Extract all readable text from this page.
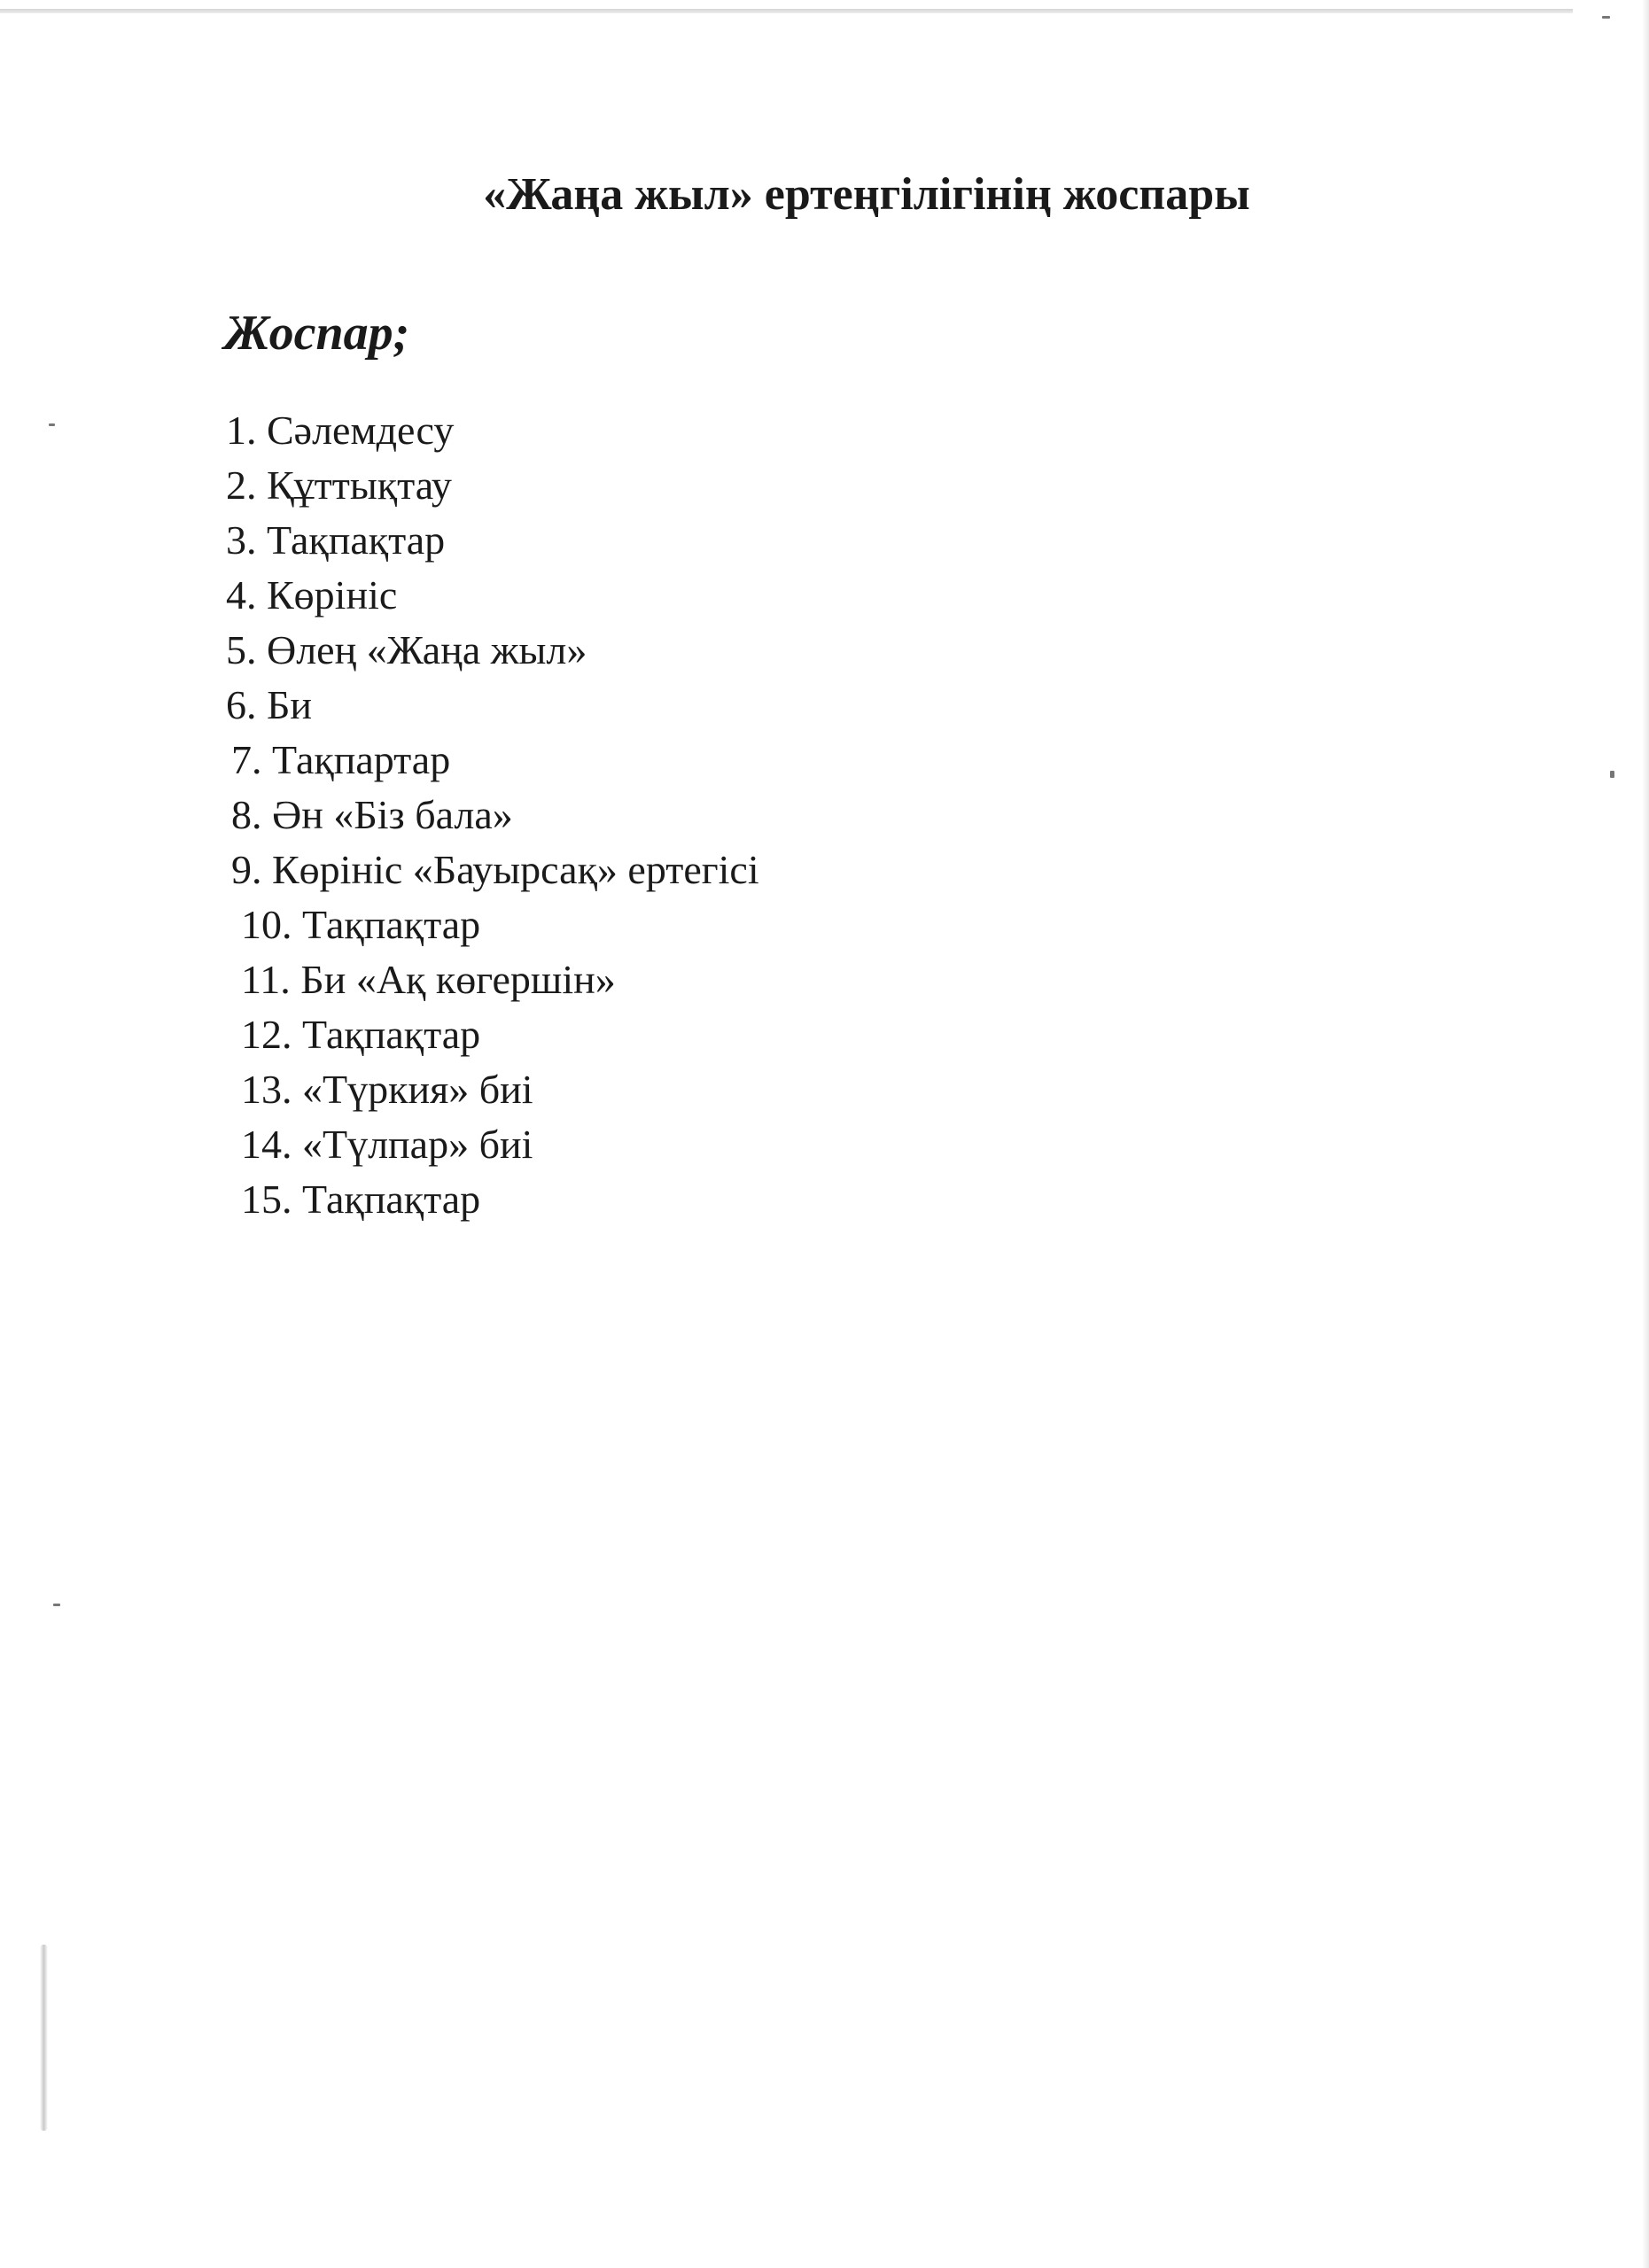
«Жаңа жыл» ертеңгілігінің жоспары
Жоспар;
1. Сәлемдесу
2. Құттықтау
3. Тақпақтар
4. Көрініс
5. Өлең «Жаңа жыл»
6. Би
7. Тақпартар
8. Ән «Біз бала»
9. Көрініс «Бауырсақ» ертегісі
10. Тақпақтар
11. Би «Ақ көгершін»
12. Тақпақтар
13. «Түркия» биі
14. «Түлпар» биі
15. Тақпақтар
